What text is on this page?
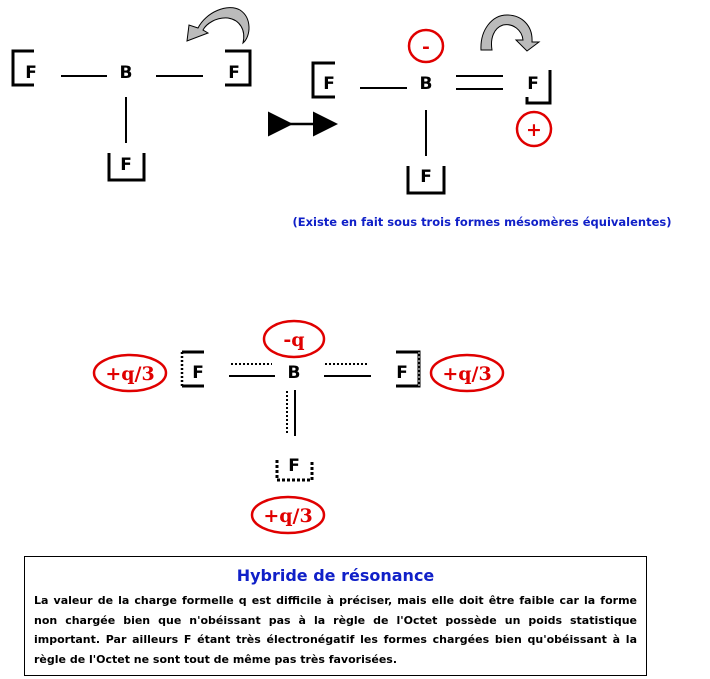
B
F	F
F
B
F	F
F
-
+
(Existe en fait sous trois formes mésomères équivalentes)
B
F	F
F
-q
+q/3	+q/3
+q/3
Hybride de résonance

La valeur de la charge formelle q est difficile à préciser, mais elle doit être faible car la forme non chargée bien que n'obéissant pas à la règle de l'Octet possède un poids statistique important. Par ailleurs F étant très électronégatif les formes chargées bien qu'obéissant à la règle de l'Octet ne sont tout de même pas très favorisées.
